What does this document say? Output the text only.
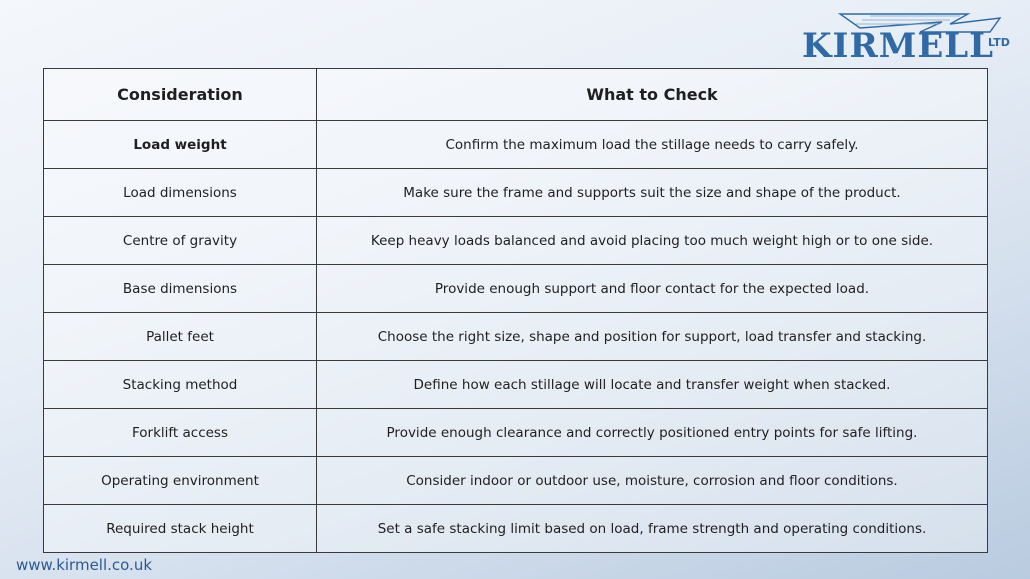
KIRMELL
LTD
Consideration	What to Check
Load weight	Confirm the maximum load the stillage needs to carry safely.
Load dimensions	Make sure the frame and supports suit the size and shape of the product.
Centre of gravity	Keep heavy loads balanced and avoid placing too much weight high or to one side.
Base dimensions	Provide enough support and floor contact for the expected load.
Pallet feet	Choose the right size, shape and position for support, load transfer and stacking.
Stacking method	Define how each stillage will locate and transfer weight when stacked.
Forklift access	Provide enough clearance and correctly positioned entry points for safe lifting.
Operating environment	Consider indoor or outdoor use, moisture, corrosion and floor conditions.
Required stack height	Set a safe stacking limit based on load, frame strength and operating conditions.
www.kirmell.co.uk
